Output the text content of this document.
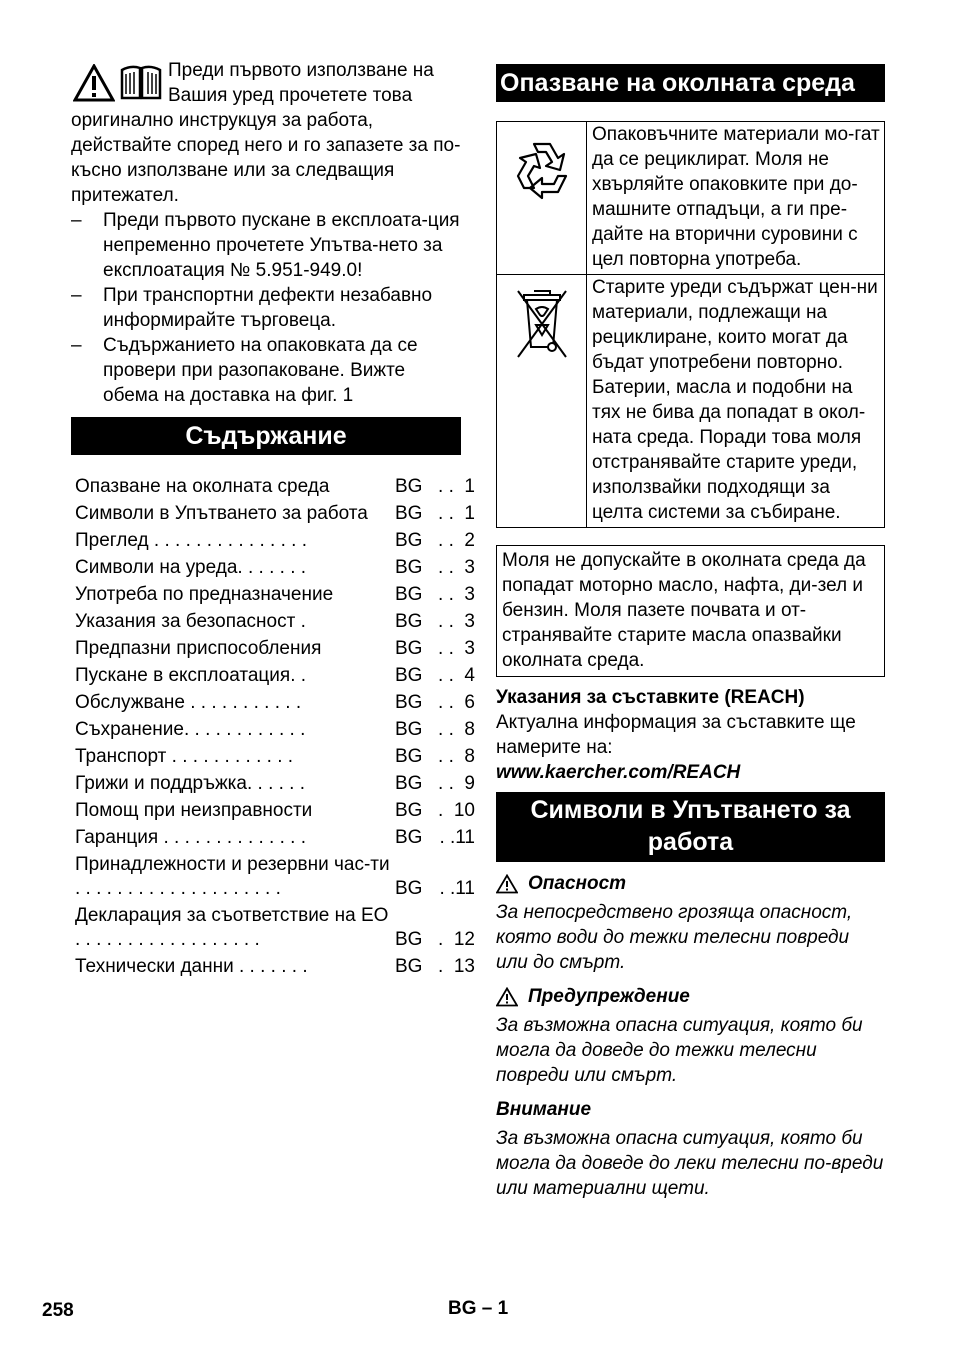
Преди първото използване на
Вашия уред прочетете това
оригинално инструкцуя за работа, действайте според него и го запазете за по-късно използване или за следващия притежател.
– Преди първото пускане в експлоата-ция непременно прочетете Упътва-нето за експлоатация № 5.951-949.0!
– При транспортни дефекти незабавно информирайте търговеца.
– Съдържанието на опаковката да се провери при разопаковане. Вижте обема на доставка на фиг. 1
Съдържание
Опазване на околната среда	BG . .  1
Символи в Упътването за работа	BG . .  1
Преглед . . . . . . . . . . . . . . .	BG . .  2
Символи на уреда. . . . . . .	BG . .  3
Употреба по предназначение	BG . .  3
Указания за безопасност .	BG . .  3
Предпазни приспособления	BG . .  3
Пускане в експлоатация. .	BG . .  4
Обслужване . . . . . . . . . . .	BG . .  6
Съхранение. . . . . . . . . . . .	BG . .  8
Транспорт . . . . . . . . . . . .	BG . .  8
Грижи и поддръжка. . . . . .	BG . .  9
Помощ при неизправности	BG .  10
Гаранция . . . . . . . . . . . . . .	BG . .11
Принадлежности и резервни час-ти . . . . . . . . . . . . . . . . . . . .	BG . .11
Декларация за съответствие на ЕО . . . . . . . . . . . . . . . . . .	BG .  12
Технически данни . . . . . . .	BG .  13
Опазване на околната среда
	Опаковъчните материали мо-гат да се рециклират. Моля не хвърляйте опаковките при до-машните отпадъци, а ги пре-дайте на вторични суровини с цел повторна употреба.
	Старите уреди съдържат цен-ни материали, подлежащи на рециклиране, които могат да бъдат употребени повторно. Батерии, масла и подобни на тях не бива да попадат в окол-ната среда. Поради това моля отстранявайте старите уреди, използвайки подходящи за целта системи за събиране.
Моля не допускайте в околната среда да попадат моторно масло, нафта, ди-зел и бензин. Моля пазете почвата и от-странявайте старите масла опазвайки околната среда.
Указания за съставките (REACH)
Актуална информация за съставките ще намерите на:
www.kaercher.com/REACH
Символи в Упътването за работа
Опасност
За непосредствено грозяща опасност, която води до тежки телесни повреди или до смърт.
Предупреждение
За възможна опасна ситуация, която би могла да доведе до тежки телесни повреди или смърт.
Внимание
За възможна опасна ситуация, която би могла да доведе до леки телесни по-вреди или материални щети.
258	BG – 1
